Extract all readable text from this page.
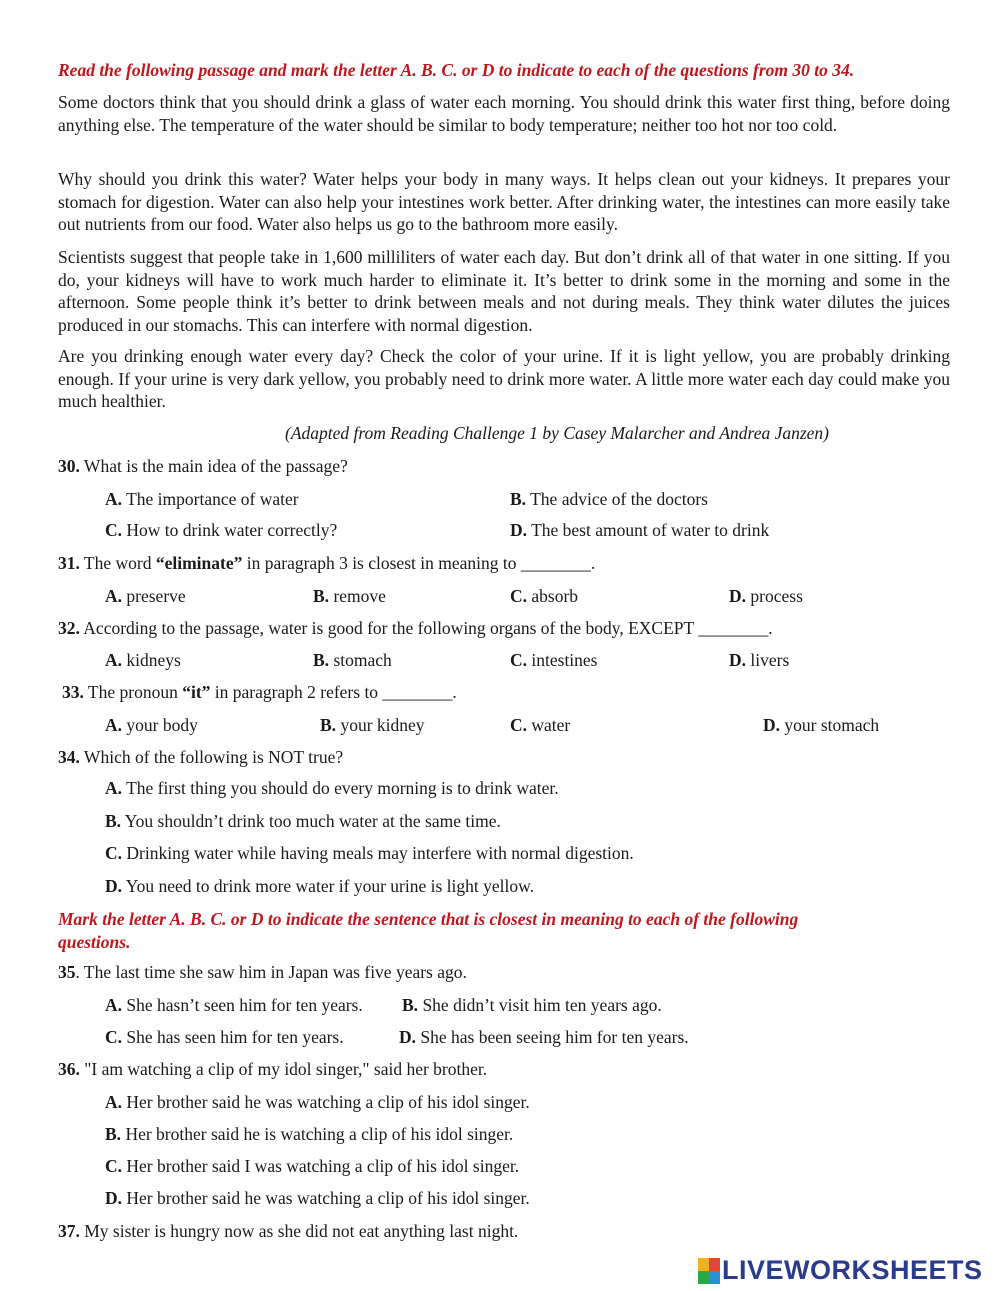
Read the following passage and mark the letter A. B. C. or D to indicate to each of the questions from 30 to 34.

Some doctors think that you should drink a glass of water each morning. You should drink this water first thing, before doing anything else. The temperature of the water should be similar to body temperature; neither too hot nor too cold.

Why should you drink this water? Water helps your body in many ways. It helps clean out your kidneys. It prepares your stomach for digestion. Water can also help your intestines work better. After drinking water, the intestines can more easily take out nutrients from our food. Water also helps us go to the bathroom more easily.

Scientists suggest that people take in 1,600 milliliters of water each day. But don’t drink all of that water in one sitting. If you do, your kidneys will have to work much harder to eliminate it. It’s better to drink some in the morning and some in the afternoon. Some people think it’s better to drink between meals and not during meals. They think water dilutes the juices produced in our stomachs. This can interfere with normal digestion.

Are you drinking enough water every day? Check the color of your urine. If it is light yellow, you are probably drinking enough. If your urine is very dark yellow, you probably need to drink more water. A little more water each day could make you much healthier.

(Adapted from Reading Challenge 1 by Casey Malarcher and Andrea Janzen)
30. What is the main idea of the passage?
A. The importance of water	B. The advice of the doctors
C. How to drink water correctly?	D. The best amount of water to drink
31. The word “eliminate” in paragraph 3 is closest in meaning to ________.
A. preserve	B. remove	C. absorb	D. process
32. According to the passage, water is good for the following organs of the body, EXCEPT ________.
A. kidneys	B. stomach	C. intestines	D. livers
33. The pronoun “it” in paragraph 2 refers to ________.
A. your body	B. your kidney	C. water	D. your stomach
34. Which of the following is NOT true?
A. The first thing you should do every morning is to drink water.
B. You shouldn’t drink too much water at the same time.
C. Drinking water while having meals may interfere with normal digestion.
D. You need to drink more water if your urine is light yellow.
Mark the letter A. B. C. or D to indicate the sentence that is closest in meaning to each of the following
questions.
35. The last time she saw him in Japan was five years ago.
A. She hasn’t seen him for ten years. B. She didn’t visit him ten years ago.
C. She has seen him for ten years.	D. She has been seeing him for ten years.
36. "I am watching a clip of my idol singer," said her brother.
A. Her brother said he was watching a clip of his idol singer.
B. Her brother said he is watching a clip of his idol singer.
C. Her brother said I was watching a clip of his idol singer.
D. Her brother said he was watching a clip of his idol singer.
37. My sister is hungry now as she did not eat anything last night.
LIVEWORKSHEETS
